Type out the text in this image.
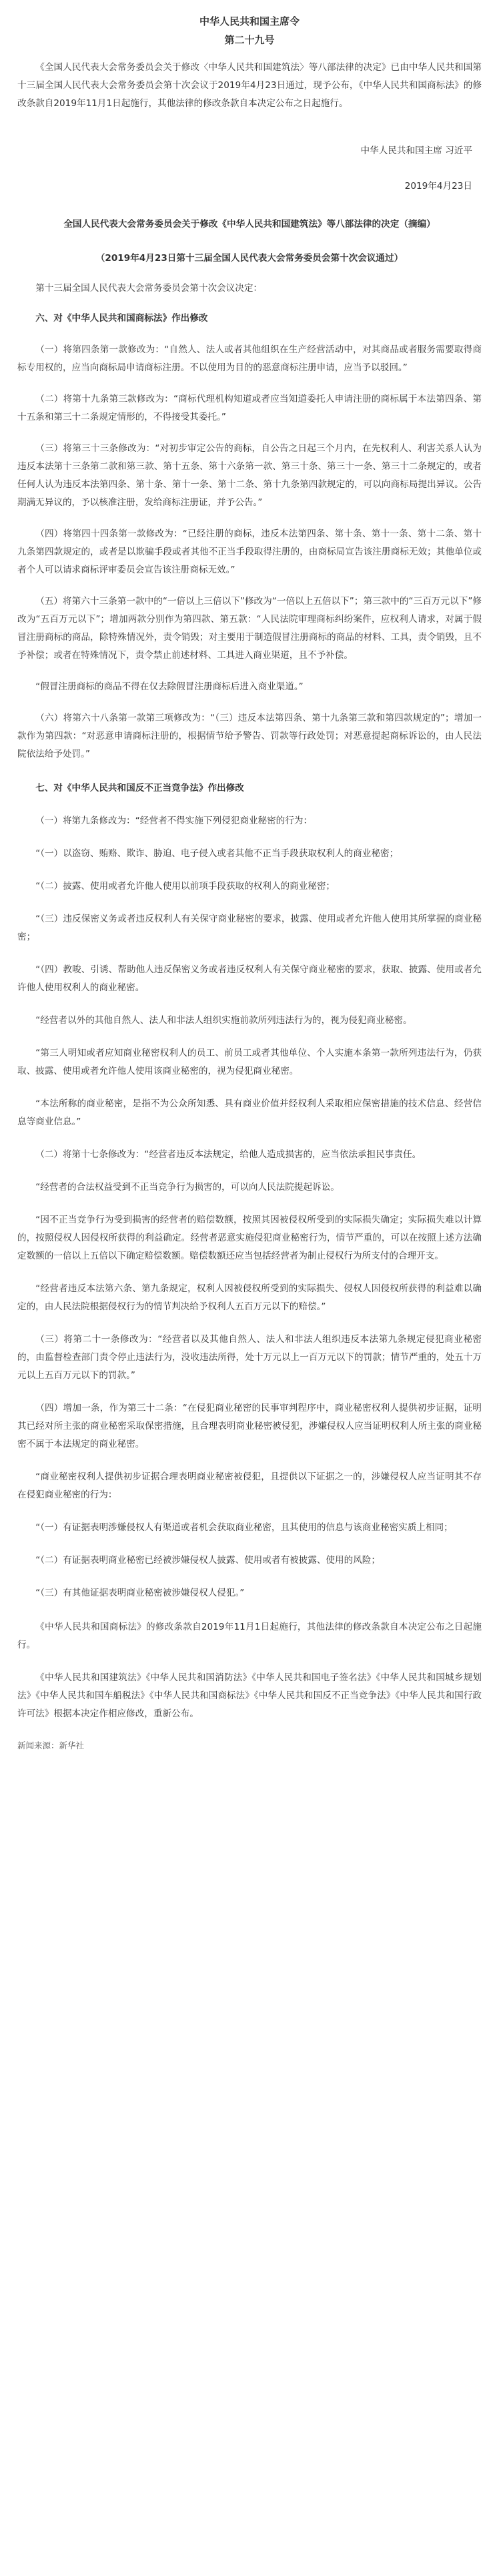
中华人民共和国主席令

第二十九号

《全国人民代表大会常务委员会关于修改〈中华人民共和国建筑法〉等八部法律的决定》已由中华人民共和国第十三届全国人民代表大会常务委员会第十次会议于2019年4月23日通过，现予公布，《中华人民共和国商标法》的修改条款自2019年11月1日起施行，其他法律的修改条款自本决定公布之日起施行。

中华人民共和国主席 习近平

2019年4月23日

全国人民代表大会常务委员会关于修改《中华人民共和国建筑法》等八部法律的决定（摘编）

（2019年4月23日第十三届全国人民代表大会常务委员会第十次会议通过）

第十三届全国人民代表大会常务委员会第十次会议决定：

六、对《中华人民共和国商标法》作出修改

（一）将第四条第一款修改为：“自然人、法人或者其他组织在生产经营活动中，对其商品或者服务需要取得商标专用权的，应当向商标局申请商标注册。不以使用为目的的恶意商标注册申请，应当予以驳回。”

（二）将第十九条第三款修改为：“商标代理机构知道或者应当知道委托人申请注册的商标属于本法第四条、第十五条和第三十二条规定情形的，不得接受其委托。”

（三）将第三十三条修改为：“对初步审定公告的商标，自公告之日起三个月内，在先权利人、利害关系人认为违反本法第十三条第二款和第三款、第十五条、第十六条第一款、第三十条、第三十一条、第三十二条规定的，或者任何人认为违反本法第四条、第十条、第十一条、第十二条、第十九条第四款规定的，可以向商标局提出异议。公告期满无异议的，予以核准注册，发给商标注册证，并予公告。”

（四）将第四十四条第一款修改为：“已经注册的商标，违反本法第四条、第十条、第十一条、第十二条、第十九条第四款规定的，或者是以欺骗手段或者其他不正当手段取得注册的，由商标局宣告该注册商标无效；其他单位或者个人可以请求商标评审委员会宣告该注册商标无效。”

（五）将第六十三条第一款中的“一倍以上三倍以下”修改为“一倍以上五倍以下”；第三款中的“三百万元以下”修改为“五百万元以下”；增加两款分别作为第四款、第五款：“人民法院审理商标纠纷案件，应权利人请求，对属于假冒注册商标的商品，除特殊情况外，责令销毁；对主要用于制造假冒注册商标的商品的材料、工具，责令销毁，且不予补偿；或者在特殊情况下，责令禁止前述材料、工具进入商业渠道，且不予补偿。

“假冒注册商标的商品不得在仅去除假冒注册商标后进入商业渠道。”

（六）将第六十八条第一款第三项修改为：“（三）违反本法第四条、第十九条第三款和第四款规定的”；增加一款作为第四款：“对恶意申请商标注册的，根据情节给予警告、罚款等行政处罚；对恶意提起商标诉讼的，由人民法院依法给予处罚。”

七、对《中华人民共和国反不正当竞争法》作出修改

（一）将第九条修改为：“经营者不得实施下列侵犯商业秘密的行为：

“（一）以盗窃、贿赂、欺诈、胁迫、电子侵入或者其他不正当手段获取权利人的商业秘密；

“（二）披露、使用或者允许他人使用以前项手段获取的权利人的商业秘密；

“（三）违反保密义务或者违反权利人有关保守商业秘密的要求，披露、使用或者允许他人使用其所掌握的商业秘密；

“（四）教唆、引诱、帮助他人违反保密义务或者违反权利人有关保守商业秘密的要求，获取、披露、使用或者允许他人使用权利人的商业秘密。

“经营者以外的其他自然人、法人和非法人组织实施前款所列违法行为的，视为侵犯商业秘密。

“第三人明知或者应知商业秘密权利人的员工、前员工或者其他单位、个人实施本条第一款所列违法行为，仍获取、披露、使用或者允许他人使用该商业秘密的，视为侵犯商业秘密。

“本法所称的商业秘密，是指不为公众所知悉、具有商业价值并经权利人采取相应保密措施的技术信息、经营信息等商业信息。”

（二）将第十七条修改为：“经营者违反本法规定，给他人造成损害的，应当依法承担民事责任。

“经营者的合法权益受到不正当竞争行为损害的，可以向人民法院提起诉讼。

“因不正当竞争行为受到损害的经营者的赔偿数额，按照其因被侵权所受到的实际损失确定；实际损失难以计算的，按照侵权人因侵权所获得的利益确定。经营者恶意实施侵犯商业秘密行为，情节严重的，可以在按照上述方法确定数额的一倍以上五倍以下确定赔偿数额。赔偿数额还应当包括经营者为制止侵权行为所支付的合理开支。

“经营者违反本法第六条、第九条规定，权利人因被侵权所受到的实际损失、侵权人因侵权所获得的利益难以确定的，由人民法院根据侵权行为的情节判决给予权利人五百万元以下的赔偿。”

（三）将第二十一条修改为：“经营者以及其他自然人、法人和非法人组织违反本法第九条规定侵犯商业秘密的，由监督检查部门责令停止违法行为，没收违法所得，处十万元以上一百万元以下的罚款；情节严重的，处五十万元以上五百万元以下的罚款。”

（四）增加一条，作为第三十二条：“在侵犯商业秘密的民事审判程序中，商业秘密权利人提供初步证据，证明其已经对所主张的商业秘密采取保密措施，且合理表明商业秘密被侵犯，涉嫌侵权人应当证明权利人所主张的商业秘密不属于本法规定的商业秘密。

“商业秘密权利人提供初步证据合理表明商业秘密被侵犯，且提供以下证据之一的，涉嫌侵权人应当证明其不存在侵犯商业秘密的行为：

“（一）有证据表明涉嫌侵权人有渠道或者机会获取商业秘密，且其使用的信息与该商业秘密实质上相同；

“（二）有证据表明商业秘密已经被涉嫌侵权人披露、使用或者有被披露、使用的风险；

“（三）有其他证据表明商业秘密被涉嫌侵权人侵犯。”

《中华人民共和国商标法》的修改条款自2019年11月1日起施行，其他法律的修改条款自本决定公布之日起施行。

《中华人民共和国建筑法》《中华人民共和国消防法》《中华人民共和国电子签名法》《中华人民共和国城乡规划法》《中华人民共和国车船税法》《中华人民共和国商标法》《中华人民共和国反不正当竞争法》《中华人民共和国行政许可法》根据本决定作相应修改，重新公布。

新闻来源：新华社
